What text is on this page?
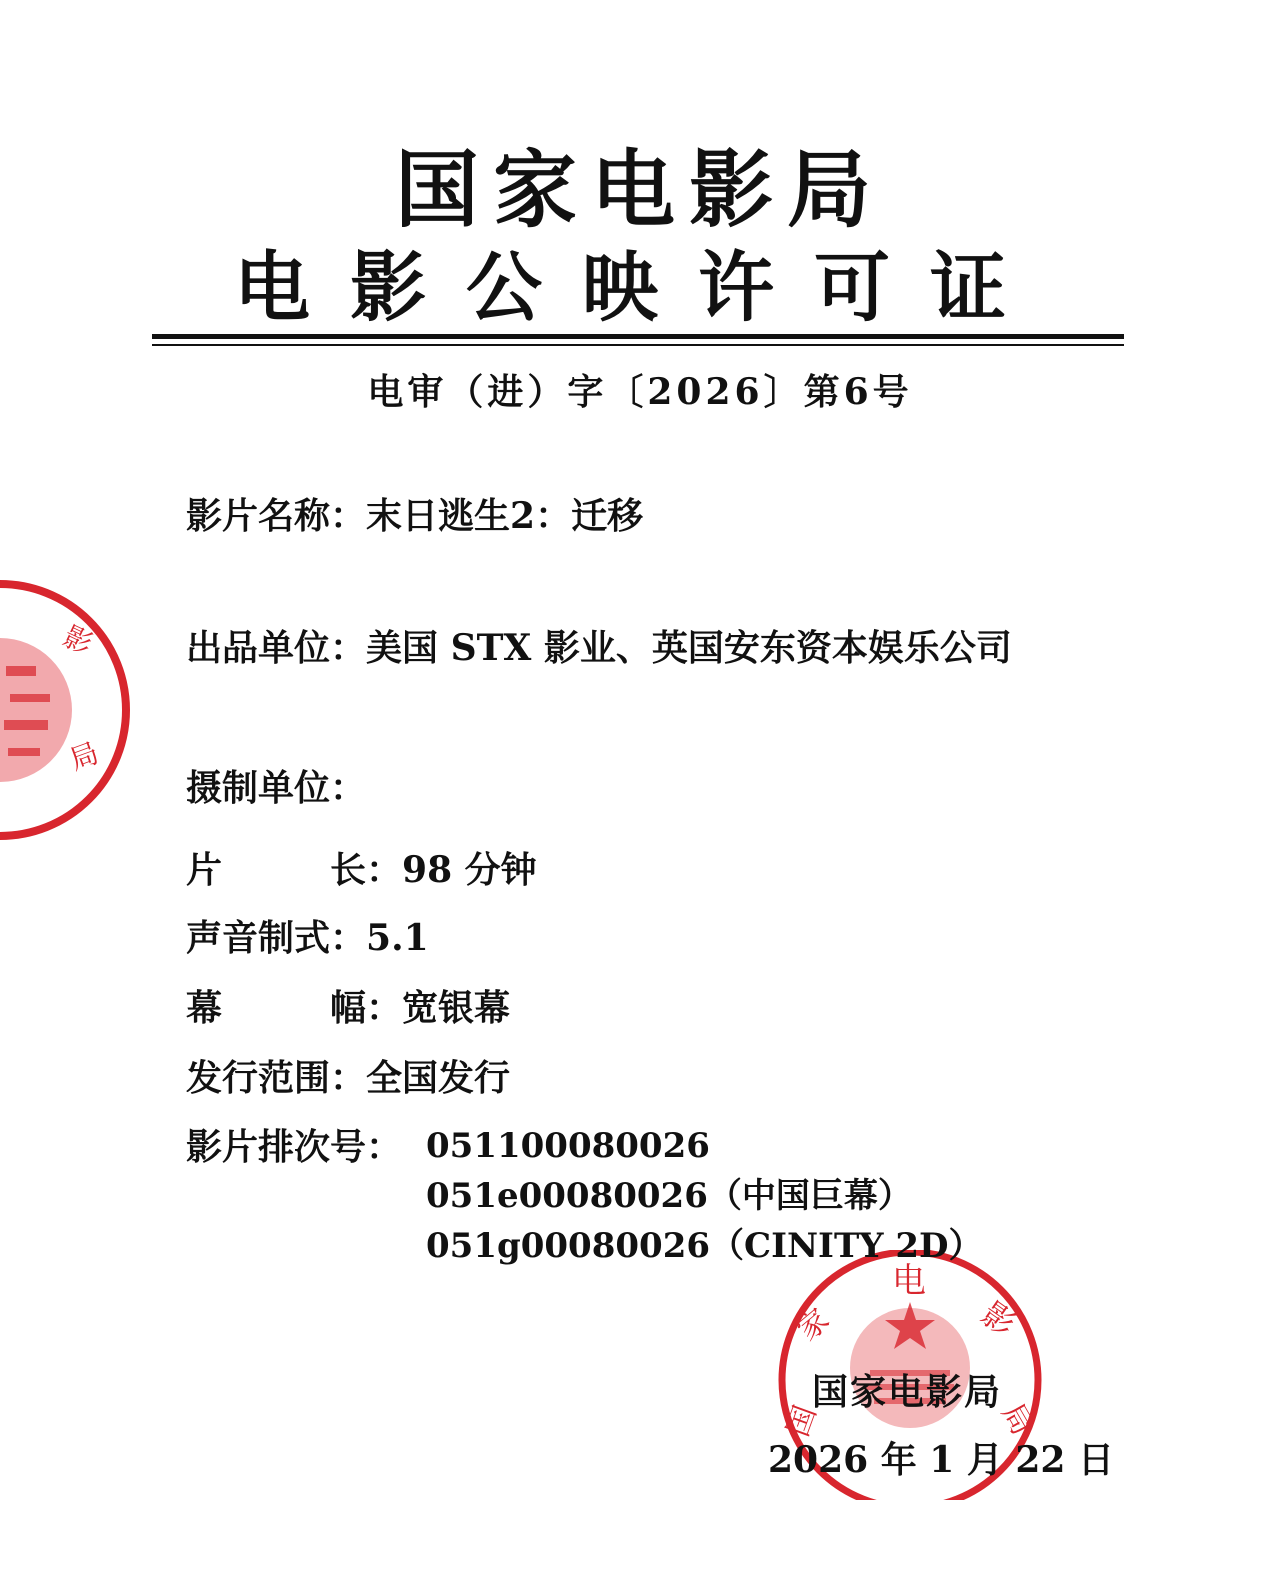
影
局
电
影
家
国	局
国家电影局
电影公映许可证
电审（进）字〔2026〕第6号
影片名称：末日逃生2：迁移
出品单位：美国 STX 影业、英国安东资本娱乐公司
摄制单位：
片长：98 分钟
声音制式：5.1
幕幅：宽银幕
发行范围：全国发行
影片排次号： 051100080026
051e00080026（中国巨幕）
051g00080026（CINITY 2D）
国家电影局
2026 年 1 月 22 日
